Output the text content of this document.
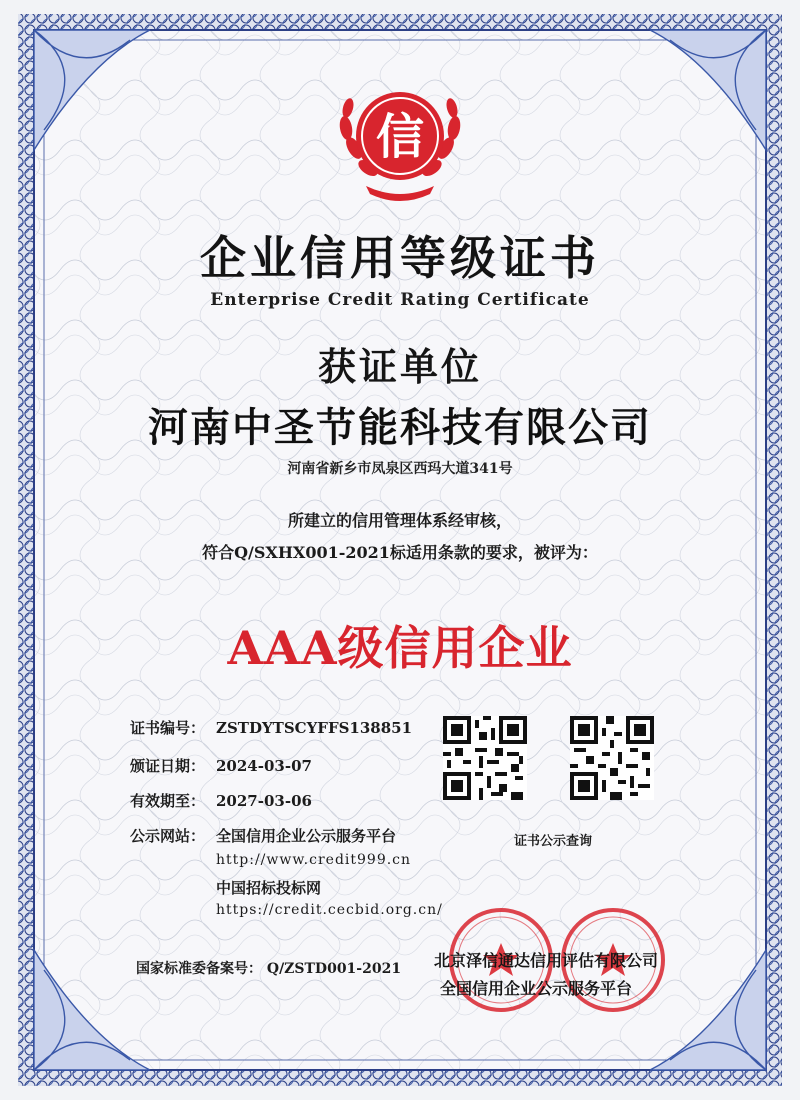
信
企业信用等级证书
Enterprise Credit Rating Certificate
获证单位
河南中圣节能科技有限公司
河南省新乡市凤泉区西玛大道341号
所建立的信用管理体系经审核，
符合Q/SXHX001-2021标适用条款的要求，被评为：
AAA级信用企业
证书编号： ZSTDYTSCYFFS138851
颁证日期： 2024-03-07
有效期至： 2027-03-06
公示网站： 全国信用企业公示服务平台
http://www.credit999.cn
中国招标投标网
https://credit.cecbid.org.cn/
国家标准委备案号： Q/ZSTD001-2021
证书公示查询
北京泽信通达信用评估有限公司
全国信用企业公示服务平台
